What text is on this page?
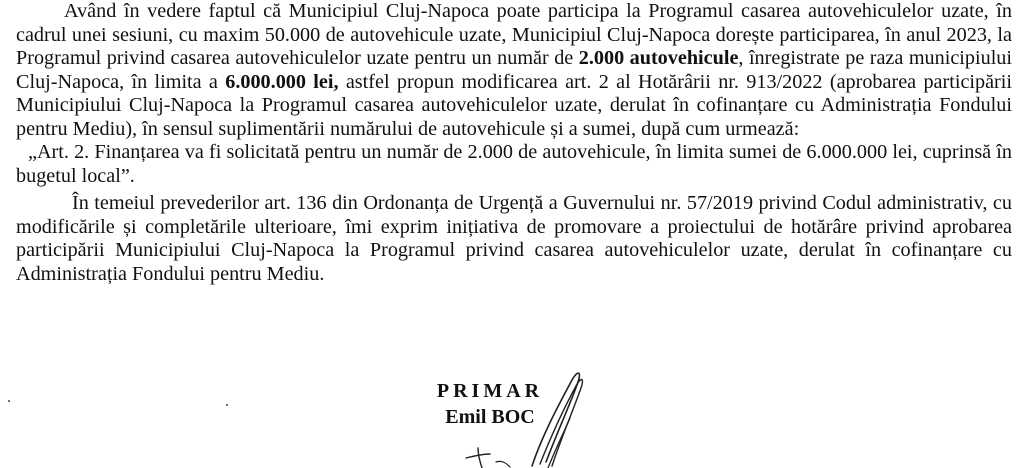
Având în vedere faptul că Municipiul Cluj-Napoca poate participa la Programul casarea autovehiculelor uzate, în cadrul unei sesiuni, cu maxim 50.000 de autovehicule uzate, Municipiul Cluj-Napoca dorește participarea, în anul 2023, la Programul privind casarea autovehiculelor uzate pentru un număr de 2.000 autovehicule, înregistrate pe raza municipiului Cluj-Napoca, în limita a 6.000.000 lei, astfel propun modificarea art. 2 al Hotărârii nr. 913/2022 (aprobarea participării Municipiului Cluj-Napoca la Programul casarea autovehiculelor uzate, derulat în cofinanțare cu Administrația Fondului pentru Mediu), în sensul suplimentării numărului de autovehicule și a sumei, după cum urmează:

„Art. 2. Finanțarea va fi solicitată pentru un număr de 2.000 de autovehicule, în limita sumei de 6.000.000 lei, cuprinsă în bugetul local”.

În temeiul prevederilor art. 136 din Ordonanța de Urgență a Guvernului nr. 57/2019 privind Codul administrativ, cu modificările și completările ulterioare, îmi exprim inițiativa de promovare a proiectului de hotărâre privind aprobarea participării Municipiului Cluj-Napoca la Programul privind casarea autovehiculelor uzate, derulat în cofinanțare cu Administrația Fondului pentru Mediu.

PRIMAR
Emil BOC
